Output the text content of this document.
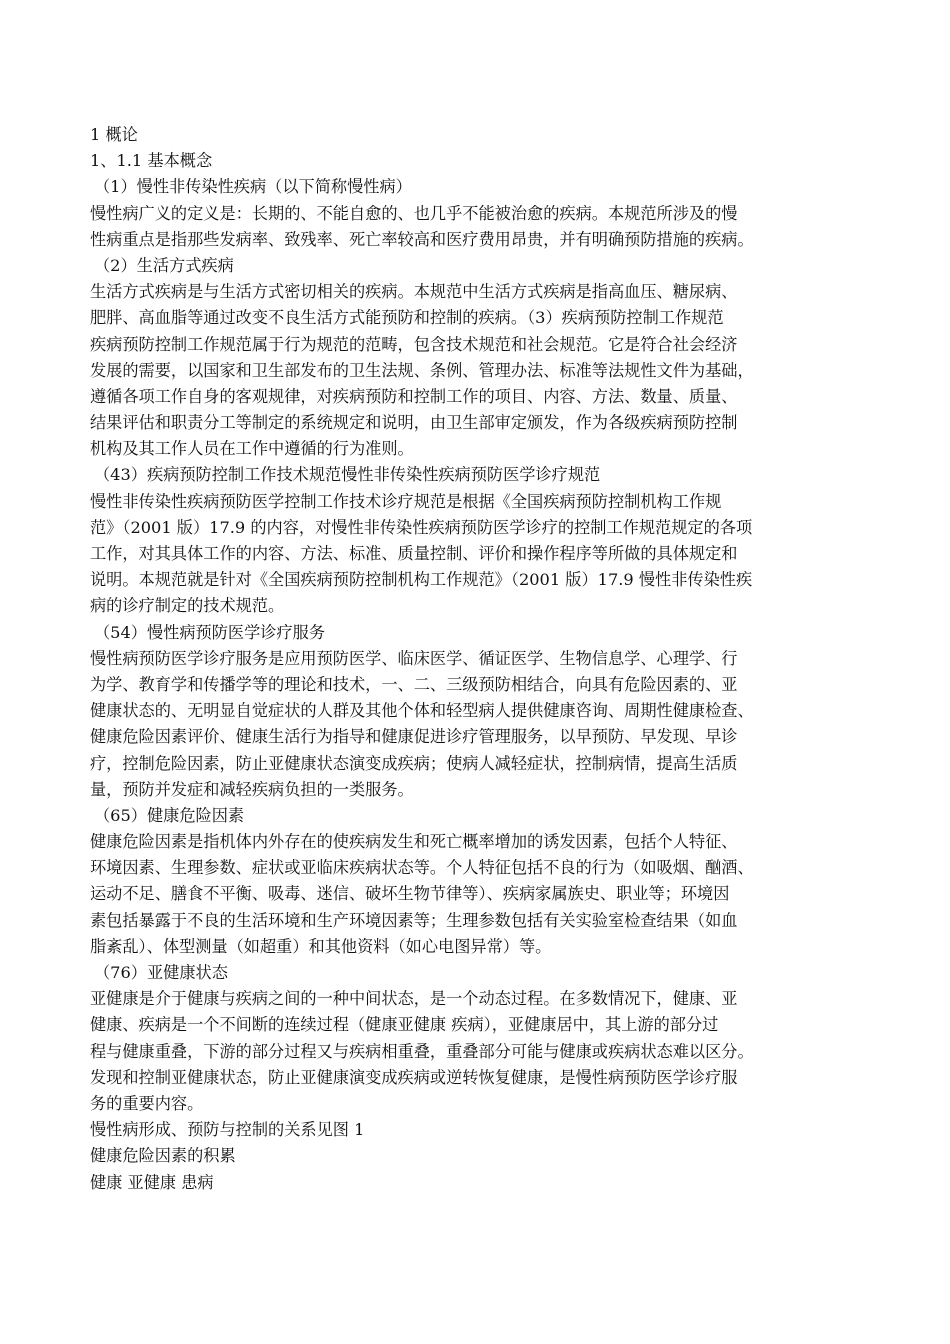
1 概论
1、1.1 基本概念
（1）慢性非传染性疾病（以下简称慢性病）
慢性病广义的定义是：长期的、不能自愈的、也几乎不能被治愈的疾病。本规范所涉及的慢
性病重点是指那些发病率、致残率、死亡率较高和医疗费用昂贵，并有明确预防措施的疾病。
（2）生活方式疾病
生活方式疾病是与生活方式密切相关的疾病。本规范中生活方式疾病是指高血压、糖尿病、
肥胖、高血脂等通过改变不良生活方式能预防和控制的疾病。（3）疾病预防控制工作规范
疾病预防控制工作规范属于行为规范的范畴，包含技术规范和社会规范。它是符合社会经济
发展的需要，以国家和卫生部发布的卫生法规、条例、管理办法、标准等法规性文件为基础，
遵循各项工作自身的客观规律，对疾病预防和控制工作的项目、内容、方法、数量、质量、
结果评估和职责分工等制定的系统规定和说明，由卫生部审定颁发，作为各级疾病预防控制
机构及其工作人员在工作中遵循的行为准则。
（43）疾病预防控制工作技术规范慢性非传染性疾病预防医学诊疗规范
慢性非传染性疾病预防医学控制工作技术诊疗规范是根据《全国疾病预防控制机构工作规
范》（2001 版）17.9 的内容，对慢性非传染性疾病预防医学诊疗的控制工作规范规定的各项
工作，对其具体工作的内容、方法、标准、质量控制、评价和操作程序等所做的具体规定和
说明。本规范就是针对《全国疾病预防控制机构工作规范》（2001 版）17.9 慢性非传染性疾
病的诊疗制定的技术规范。
（54）慢性病预防医学诊疗服务
慢性病预防医学诊疗服务是应用预防医学、临床医学、循证医学、生物信息学、心理学、行
为学、教育学和传播学等的理论和技术，一、二、三级预防相结合，向具有危险因素的、亚
健康状态的、无明显自觉症状的人群及其他个体和轻型病人提供健康咨询、周期性健康检查、
健康危险因素评价、健康生活行为指导和健康促进诊疗管理服务，以早预防、早发现、早诊
疗，控制危险因素，防止亚健康状态演变成疾病；使病人减轻症状，控制病情，提高生活质
量，预防并发症和减轻疾病负担的一类服务。
（65）健康危险因素
健康危险因素是指机体内外存在的使疾病发生和死亡概率增加的诱发因素，包括个人特征、
环境因素、生理参数、症状或亚临床疾病状态等。个人特征包括不良的行为（如吸烟、酗酒、
运动不足、膳食不平衡、吸毒、迷信、破坏生物节律等）、疾病家属族史、职业等；环境因
素包括暴露于不良的生活环境和生产环境因素等；生理参数包括有关实验室检查结果（如血
脂紊乱）、体型测量（如超重）和其他资料（如心电图异常）等。
（76）亚健康状态
亚健康是介于健康与疾病之间的一种中间状态，是一个动态过程。在多数情况下，健康、亚
健康、疾病是一个不间断的连续过程（健康亚健康 疾病），亚健康居中，其上游的部分过
程与健康重叠，下游的部分过程又与疾病相重叠，重叠部分可能与健康或疾病状态难以区分。
发现和控制亚健康状态，防止亚健康演变成疾病或逆转恢复健康，是慢性病预防医学诊疗服
务的重要内容。
慢性病形成、预防与控制的关系见图 1
健康危险因素的积累
健康 亚健康 患病
